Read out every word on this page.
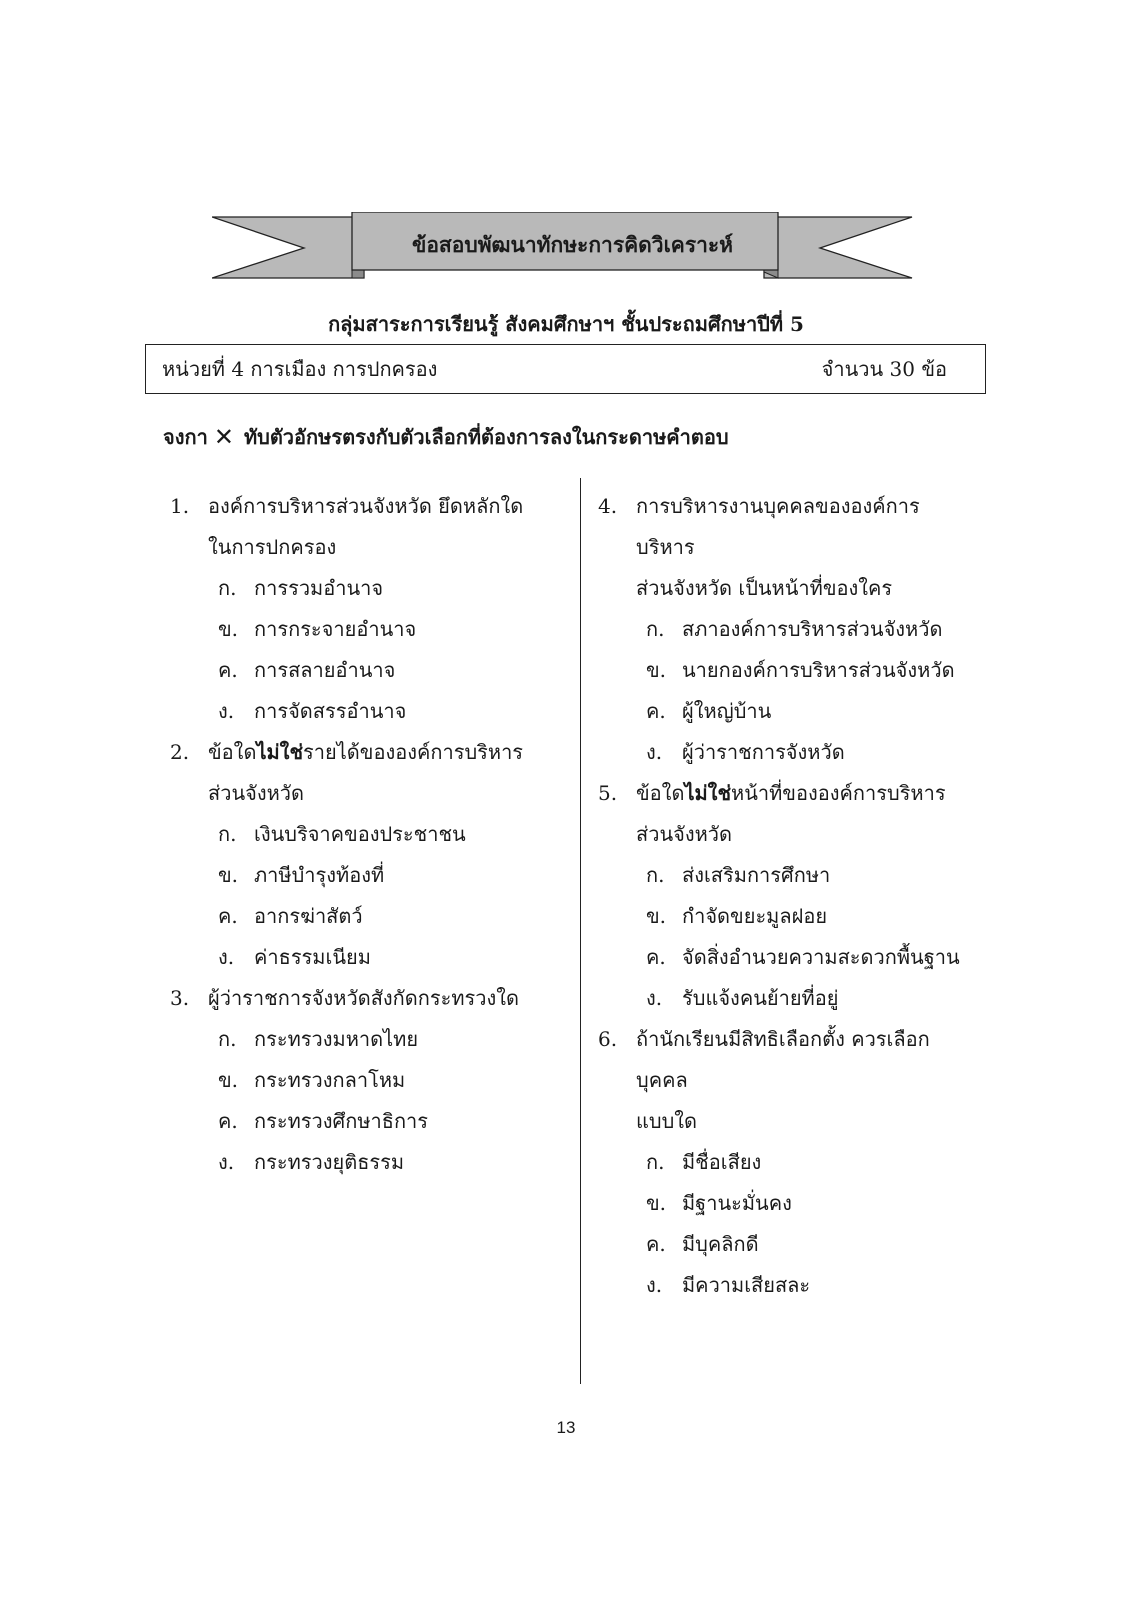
ข้อสอบพัฒนาทักษะการคิดวิเคราะห์
กลุ่มสาระการเรียนรู้ สังคมศึกษาฯ ชั้นประถมศึกษาปีที่ 5
หน่วยที่ 4 การเมือง การปกครอง	จำนวน 30 ข้อ
จงกา ✕ ทับตัวอักษรตรงกับตัวเลือกที่ต้องการลงในกระดาษคำตอบ
1. องค์การบริหารส่วนจังหวัด ยึดหลักใด
ในการปกครอง
ก. การรวมอำนาจ
ข. การกระจายอำนาจ
ค. การสลายอำนาจ
ง. การจัดสรรอำนาจ
2. ข้อใดไม่ใช่รายได้ขององค์การบริหาร
ส่วนจังหวัด
ก. เงินบริจาคของประชาชน
ข. ภาษีบำรุงท้องที่
ค. อากรฆ่าสัตว์
ง. ค่าธรรมเนียม
3. ผู้ว่าราชการจังหวัดสังกัดกระทรวงใด
ก. กระทรวงมหาดไทย
ข. กระทรวงกลาโหม
ค. กระทรวงศึกษาธิการ
ง. กระทรวงยุติธรรม
4. การบริหารงานบุคคลขององค์การบริหาร
ส่วนจังหวัด เป็นหน้าที่ของใคร
ก. สภาองค์การบริหารส่วนจังหวัด
ข. นายกองค์การบริหารส่วนจังหวัด
ค. ผู้ใหญ่บ้าน
ง. ผู้ว่าราชการจังหวัด
5. ข้อใดไม่ใช่หน้าที่ขององค์การบริหาร
ส่วนจังหวัด
ก. ส่งเสริมการศึกษา
ข. กำจัดขยะมูลฝอย
ค. จัดสิ่งอำนวยความสะดวกพื้นฐาน
ง. รับแจ้งคนย้ายที่อยู่
6. ถ้านักเรียนมีสิทธิเลือกตั้ง ควรเลือกบุคคล
แบบใด
ก. มีชื่อเสียง
ข. มีฐานะมั่นคง
ค. มีบุคลิกดี
ง. มีความเสียสละ
13
